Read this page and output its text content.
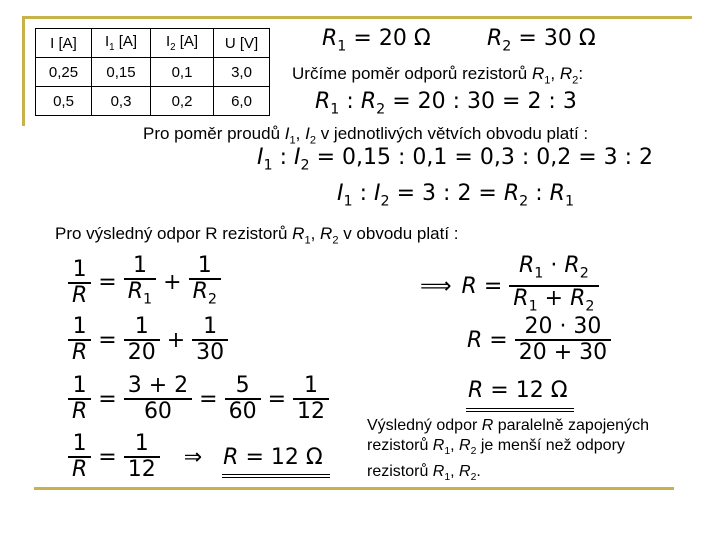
I [A]	$I_1$ [A]	$I_2$ [A]	U [V]
0,25	0,15	0,1	3,0
0,5	0,3	0,2	6,0
$R_1 = 20$ Ω	$R_2 = 30$ Ω
Určíme poměr odporů rezistorů $R_1$, $R_2$:
$R_1$ : $R_2 = 20$ : 30 = 2 : 3
Pro poměr proudů $I_1$, $I_2$ v jednotlivých větvích obvodu platí :
$I_1$ : $I_2 = 0,15$ : 0,1 = 0,3 : 0,2 = 3 : 2
$I_1$ : $I_2 = 3$ : $2 = R_2$ : $R_1$
Pro výsledný odpor R rezistorů $R_1$, $R_2$ v obvodu platí :
$\frac{1}{R} = \frac{1}{R_1} + \frac{1}{R_2}$
$\frac{1}{R} = \frac{1}{20} + \frac{1}{30}$
$\frac{1}{R} = \frac{3 + 2}{60} = \frac{5}{60} = \frac{1}{12}$
$\frac{1}{R} = \frac{1}{12}$ ⇒ R = 12 Ω
⟹ $R = \frac{R_1 \cdot R_2}{R_1 + R_2}$
$R = \frac{20 \cdot 30}{20 + 30}$
R = 12 Ω
Výsledný odpor R paralelně zapojených rezistorů $R_1$, $R_2$ je menší než odpory rezistorů $R_1$, $R_2$.
